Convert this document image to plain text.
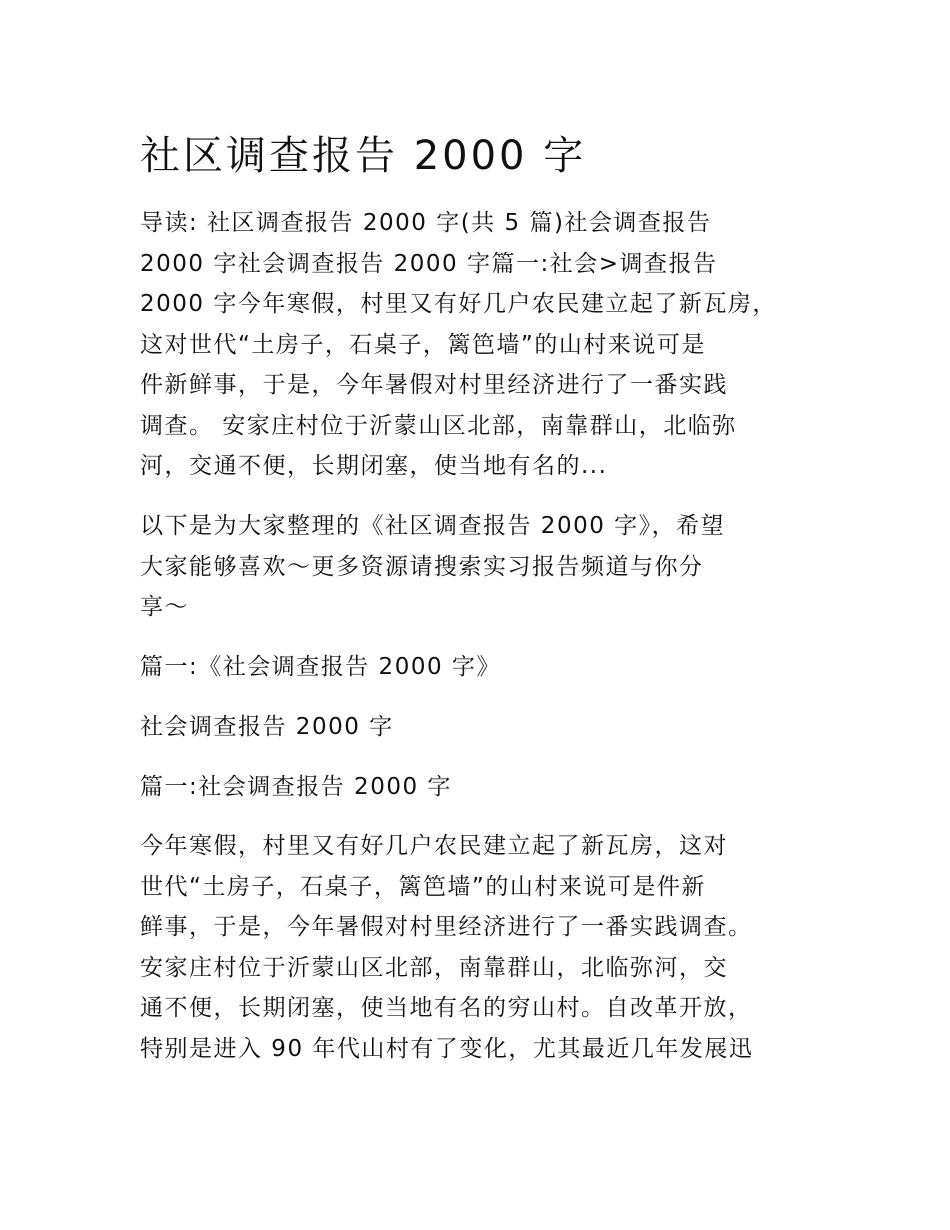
社区调查报告 2000 字

导读: 社区调查报告 2000 字(共 5 篇)社会调查报告
2000 字社会调查报告 2000 字篇一:社会>调查报告
2000 字今年寒假，村里又有好几户农民建立起了新瓦房，
这对世代“土房子，石桌子，篱笆墙”的山村来说可是
件新鲜事，于是，今年暑假对村里经济进行了一番实践
调查。 安家庄村位于沂蒙山区北部，南靠群山，北临弥
河，交通不便，长期闭塞，使当地有名的...

以下是为大家整理的《社区调查报告 2000 字》，希望
大家能够喜欢～更多资源请搜索实习报告频道与你分
享～

篇一:《社会调查报告 2000 字》

社会调查报告 2000 字

篇一:社会调查报告 2000 字

今年寒假，村里又有好几户农民建立起了新瓦房，这对
世代“土房子，石桌子，篱笆墙”的山村来说可是件新
鲜事，于是，今年暑假对村里经济进行了一番实践调查。
安家庄村位于沂蒙山区北部，南靠群山，北临弥河，交
通不便，长期闭塞，使当地有名的穷山村。自改革开放，
特别是进入 90 年代山村有了变化，尤其最近几年发展迅
